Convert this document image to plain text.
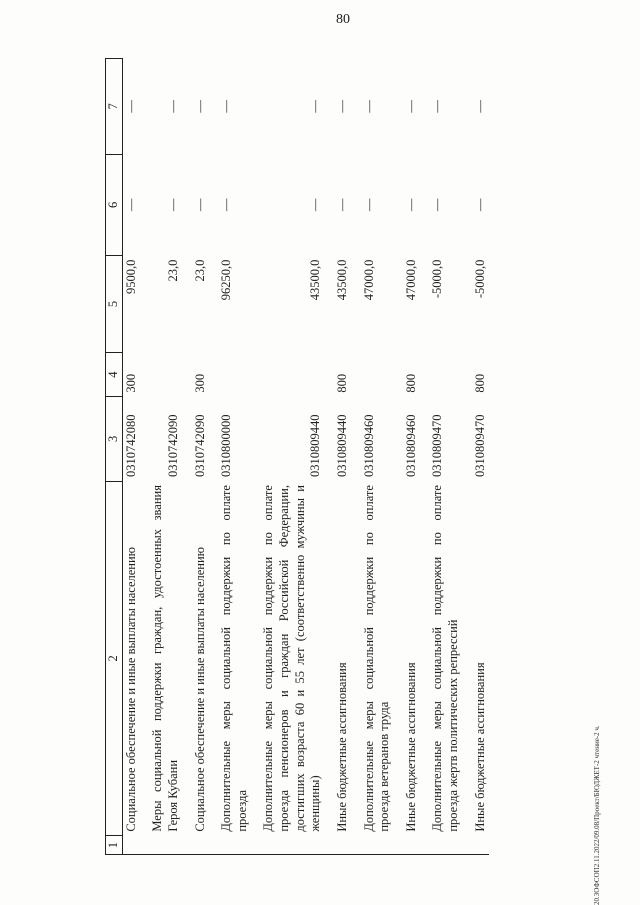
80
1	2	3	4	5	6	7
	Социальное обеспечение и иные выплаты населению	0310742080	300	9500,0	—	—
	Меры социальной поддержки граждан, удостоенных звания Героя Кубани	0310742090		23,0	—	—
	Социальное обеспечение и иные выплаты населению	0310742090	300	23,0	—	—
	Дополнительные меры социальной поддержки по оплате проезда	0310800000		96250,0	—	—
	Дополнительные меры социальной поддержки по оплате проезда пенсионеров и граждан Российской Федерации, достигших возраста 60 и 55 лет (соответственно мужчины и женщины)	0310809440		43500,0	—	—
	Иные бюджетные ассигнования	0310809440	800	43500,0	—	—
	Дополнительные меры социальной поддержки по оплате проезда ветеранов труда	0310809460		47000,0	—	—
	Иные бюджетные ассигнования	0310809460	800	47000,0	—	—
	Дополнительные меры социальной поддержки по оплате проезда жертв политических репрессий	0310809470		-5000,0	—	—
	Иные бюджетные ассигнования	0310809470	800	-5000,0	—	—
20.ЗОФСОП2.11.2022/09.08/Проект/БЮДЖЕТ-2 чтение-2 ч.
